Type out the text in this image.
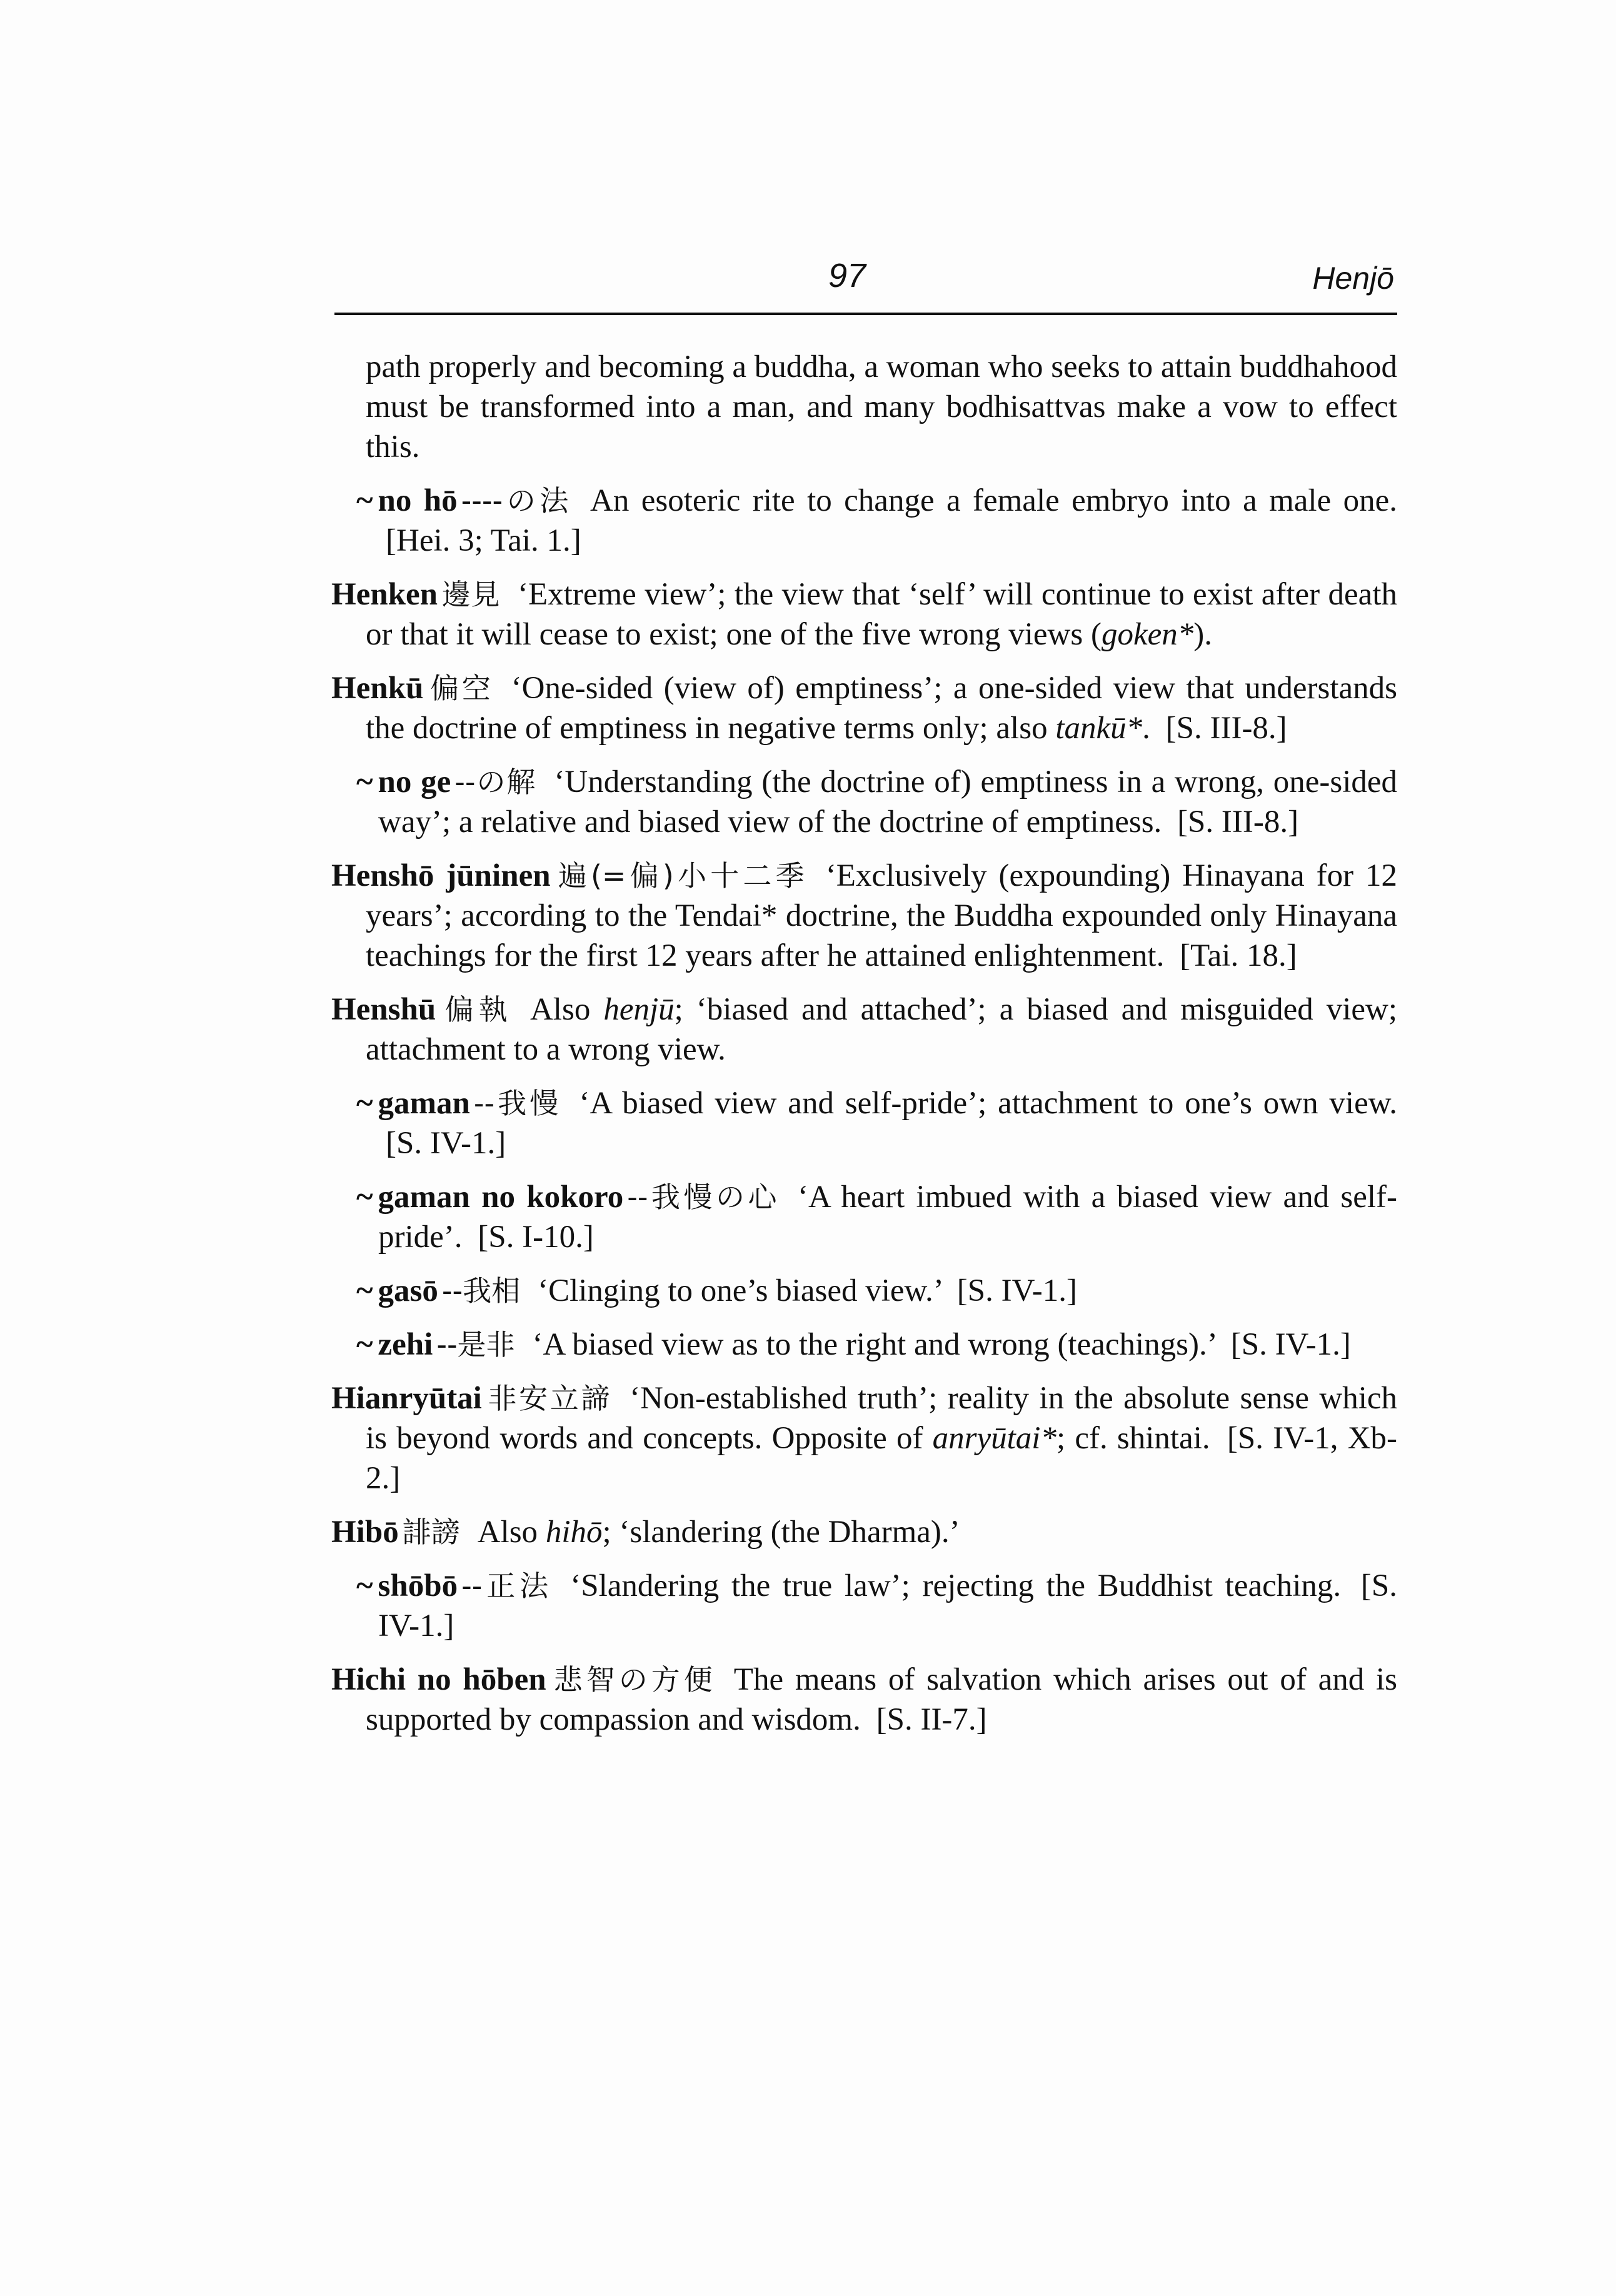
97	Henjō

path properly and becoming a buddha, a woman who seeks to attain buddhahood must be transformed into a man, and many bodhisattvas make a vow to effect this.

~ no hō ----の法 An esoteric rite to change a female embryo into a male one. [Hei. 3; Tai. 1.]

Henken 邊見 ‘Extreme view’; the view that ‘self’ will continue to exist after death or that it will cease to exist; one of the five wrong views (goken*).

Henkū 偏空 ‘One-sided (view of) emptiness’; a one-sided view that understands the doctrine of emptiness in negative terms only; also tankū*. [S. III-8.]

~ no ge --の解 ‘Understanding (the doctrine of) emptiness in a wrong, one-sided way’; a relative and biased view of the doctrine of emptiness. [S. III-8.]

Henshō jūninen 遍(=偏)小十二季 ‘Exclusively (expounding) Hinayana for 12 years’; according to the Tendai* doctrine, the Buddha expounded only Hinayana teachings for the first 12 years after he attained enlightenment. [Tai. 18.]

Henshū 偏執 Also henjū; ‘biased and attached’; a biased and misguided view; attachment to a wrong view.

~ gaman --我慢 ‘A biased view and self-pride’; attachment to one’s own view. [S. IV-1.]

~ gaman no kokoro --我慢の心 ‘A heart imbued with a biased view and self-pride’. [S. I-10.]

~ gasō --我相 ‘Clinging to one’s biased view.’ [S. IV-1.]

~ zehi --是非 ‘A biased view as to the right and wrong (teachings).’ [S. IV-1.]

Hianryūtai 非安立諦 ‘Non-established truth’; reality in the absolute sense which is beyond words and concepts. Opposite of anryūtai*; cf. shintai. [S. IV-1, Xb-2.]

Hibō 誹謗 Also hihō; ‘slandering (the Dharma).’

~ shōbō --正法 ‘Slandering the true law’; rejecting the Buddhist teaching. [S. IV-1.]

Hichi no hōben 悲智の方便 The means of salvation which arises out of and is supported by compassion and wisdom. [S. II-7.]
